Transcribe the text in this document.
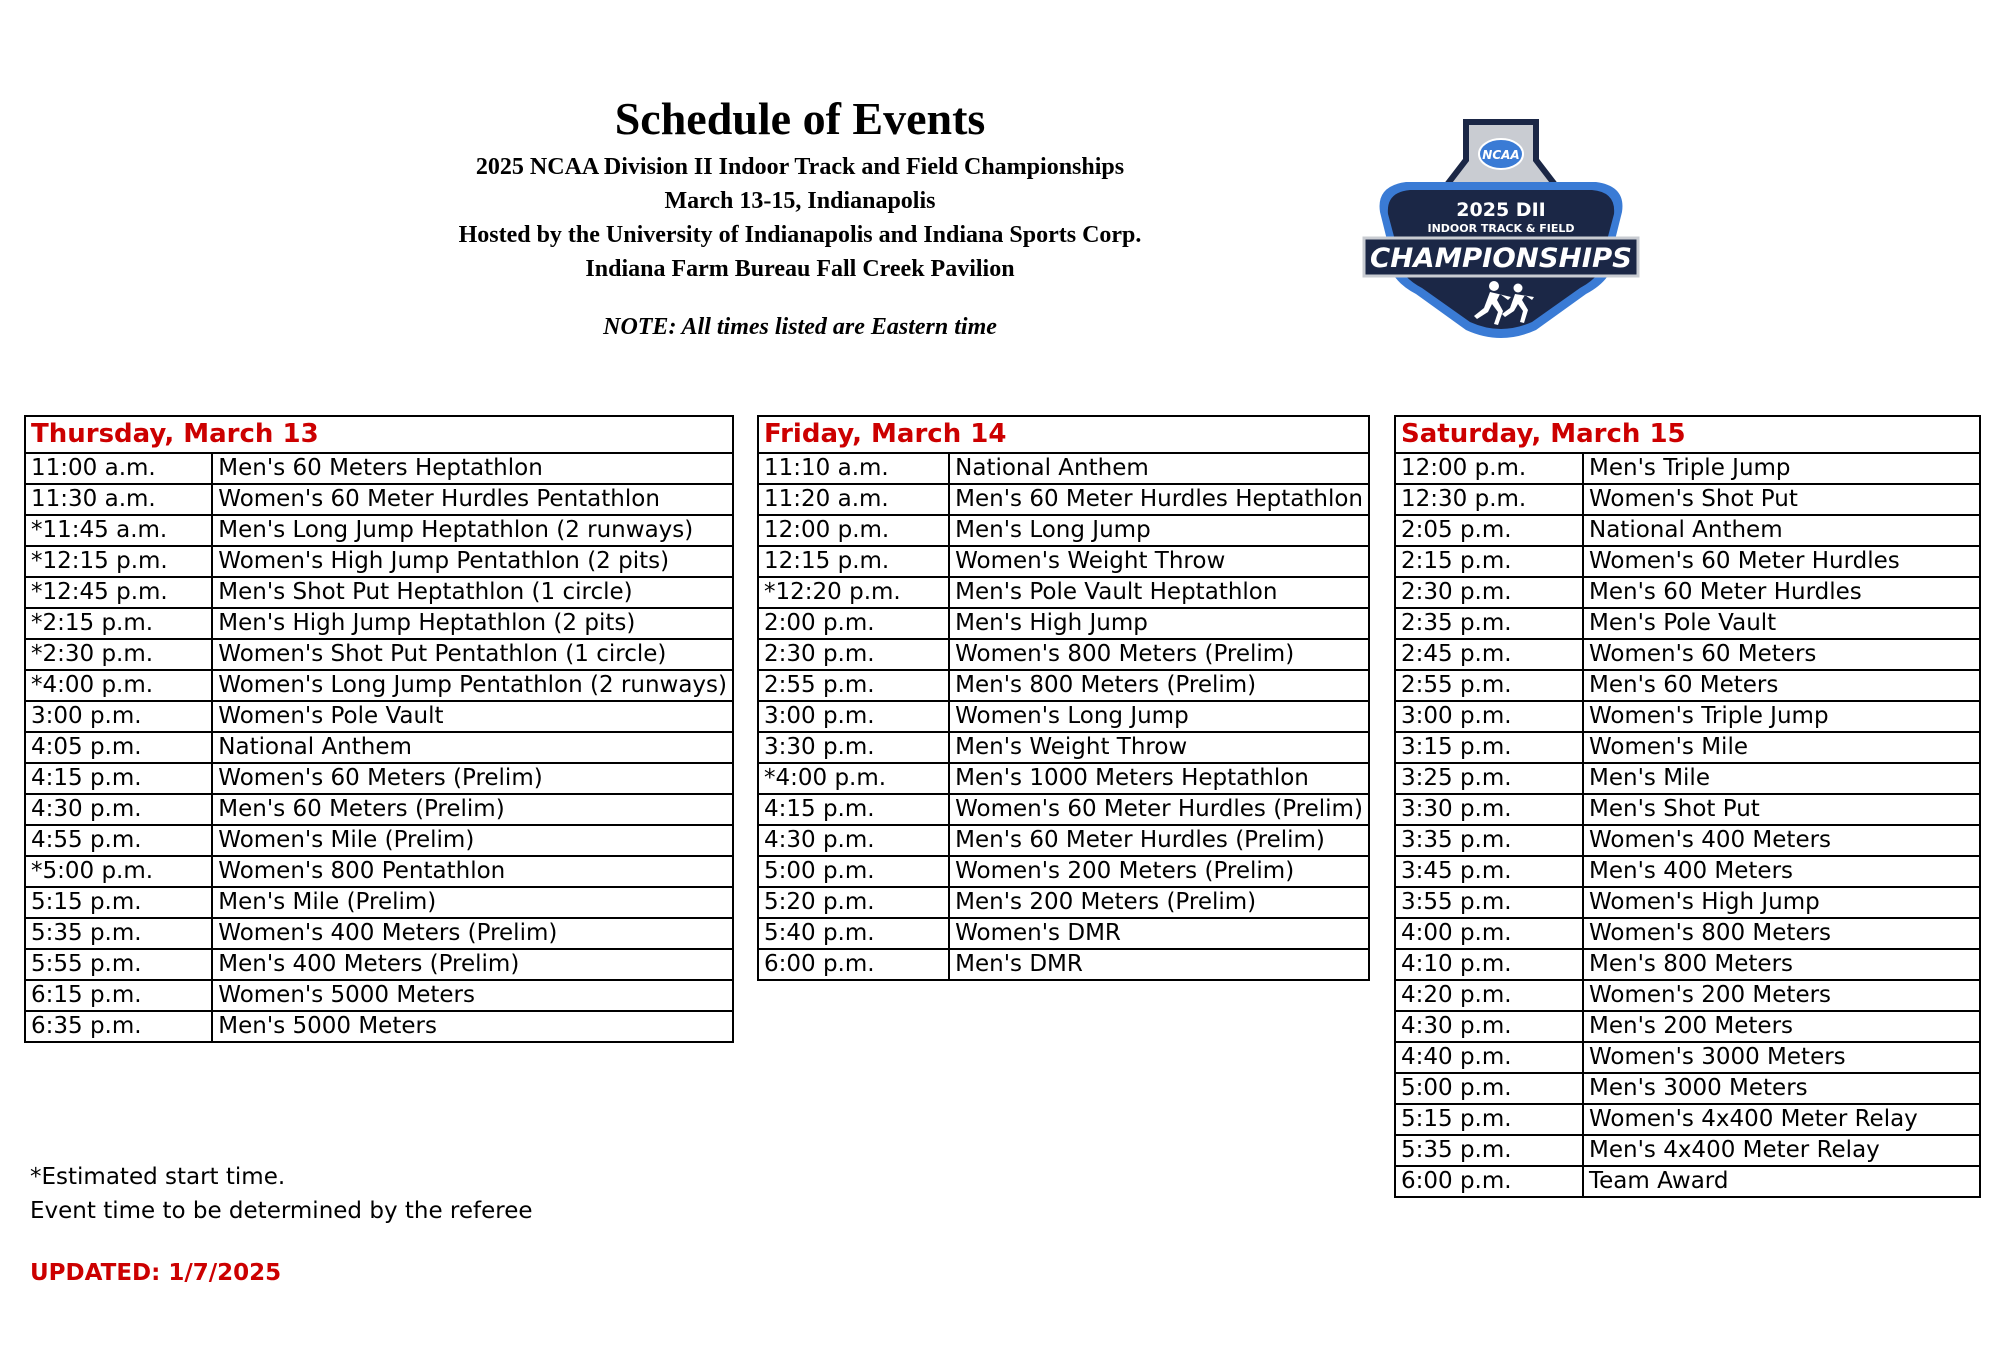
Schedule of Events
2025 NCAA Division II Indoor Track and Field Championships
March 13-15, Indianapolis
Hosted by the University of Indianapolis and Indiana Sports Corp.
Indiana Farm Bureau Fall Creek Pavilion
NOTE: All times listed are Eastern time
NCAA
2025 DII
INDOOR TRACK & FIELD
CHAMPIONSHIPS
Thursday, March 13	
11:00 a.m.	Men's 60 Meters Heptathlon
11:30 a.m.	Women's 60 Meter Hurdles Pentathlon
*11:45 a.m.	Men's Long Jump Heptathlon (2 runways)
*12:15 p.m.	Women's High Jump Pentathlon (2 pits)
*12:45 p.m.	Men's Shot Put Heptathlon (1 circle)
*2:15 p.m.	Men's High Jump Heptathlon (2 pits)
*2:30 p.m.	Women's Shot Put Pentathlon (1 circle)
*4:00 p.m.	Women's Long Jump Pentathlon (2 runways)
3:00 p.m.	Women's Pole Vault
4:05 p.m.	National Anthem
4:15 p.m.	Women's 60 Meters (Prelim)
4:30 p.m.	Men's 60 Meters (Prelim)
4:55 p.m.	Women's Mile (Prelim)
*5:00 p.m.	Women's 800 Pentathlon
5:15 p.m.	Men's Mile (Prelim)
5:35 p.m.	Women's 400 Meters (Prelim)
5:55 p.m.	Men's 400 Meters (Prelim)
6:15 p.m.	Women's 5000 Meters
6:35 p.m.	Men's 5000 Meters
Friday, March 14	
11:10 a.m.	National Anthem
11:20 a.m.	Men's 60 Meter Hurdles Heptathlon
12:00 p.m.	Men's Long Jump
12:15 p.m.	Women's Weight Throw
*12:20 p.m.	Men's Pole Vault Heptathlon
2:00 p.m.	Men's High Jump
2:30 p.m.	Women's 800 Meters (Prelim)
2:55 p.m.	Men's 800 Meters (Prelim)
3:00 p.m.	Women's Long Jump
3:30 p.m.	Men's Weight Throw
*4:00 p.m.	Men's 1000 Meters Heptathlon
4:15 p.m.	Women's 60 Meter Hurdles (Prelim)
4:30 p.m.	Men's 60 Meter Hurdles (Prelim)
5:00 p.m.	Women's 200 Meters (Prelim)
5:20 p.m.	Men's 200 Meters (Prelim)
5:40 p.m.	Women's DMR
6:00 p.m.	Men's DMR
Saturday, March 15	
12:00 p.m.	Men's Triple Jump
12:30 p.m.	Women's Shot Put
2:05 p.m.	National Anthem
2:15 p.m.	Women's 60 Meter Hurdles
2:30 p.m.	Men's 60 Meter Hurdles
2:35 p.m.	Men's Pole Vault
2:45 p.m.	Women's 60 Meters
2:55 p.m.	Men's 60 Meters
3:00 p.m.	Women's Triple Jump
3:15 p.m.	Women's Mile
3:25 p.m.	Men's Mile
3:30 p.m.	Men's Shot Put
3:35 p.m.	Women's 400 Meters
3:45 p.m.	Men's 400 Meters
3:55 p.m.	Women's High Jump
4:00 p.m.	Women's 800 Meters
4:10 p.m.	Men's 800 Meters
4:20 p.m.	Women's 200 Meters
4:30 p.m.	Men's 200 Meters
4:40 p.m.	Women's 3000 Meters
5:00 p.m.	Men's 3000 Meters
5:15 p.m.	Women's 4x400 Meter Relay
5:35 p.m.	Men's 4x400 Meter Relay
6:00 p.m.	Team Award
*Estimated start time.
Event time to be determined by the referee
UPDATED: 1/7/2025
